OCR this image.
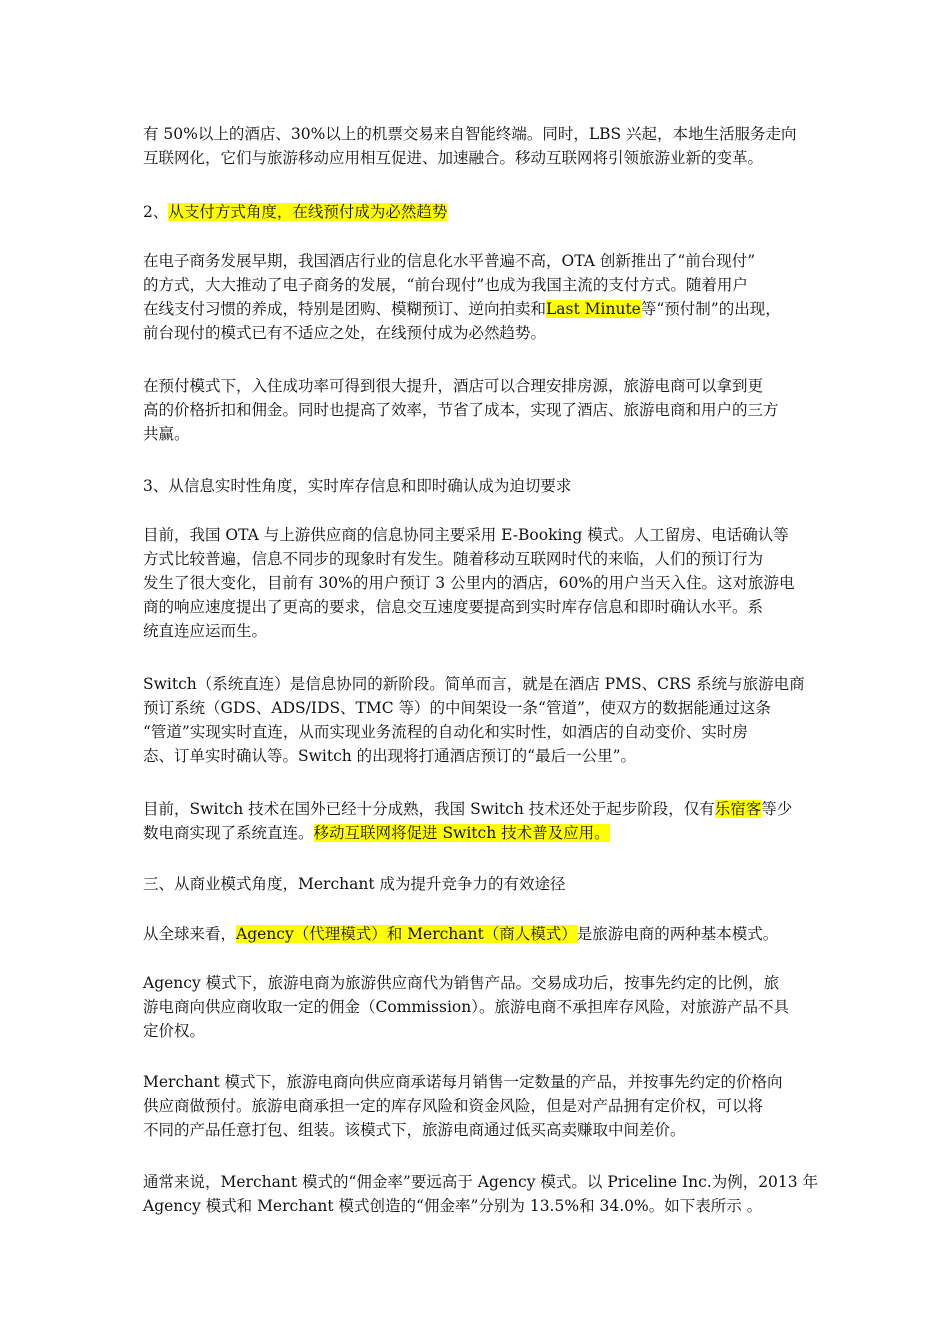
有 50%以上的酒店、30%以上的机票交易来自智能终端。同时，LBS 兴起，本地生活服务走向
互联网化，它们与旅游移动应用相互促进、加速融合。移动互联网将引领旅游业新的变革。

2、从支付方式角度，在线预付成为必然趋势

在电子商务发展早期，我国酒店行业的信息化水平普遍不高，OTA 创新推出了“前台现付”
的方式，大大推动了电子商务的发展，“前台现付”也成为我国主流的支付方式。随着用户
在线支付习惯的养成，特别是团购、模糊预订、逆向拍卖和Last Minute等“预付制”的出现，
前台现付的模式已有不适应之处，在线预付成为必然趋势。

在预付模式下，入住成功率可得到很大提升，酒店可以合理安排房源，旅游电商可以拿到更
高的价格折扣和佣金。同时也提高了效率，节省了成本，实现了酒店、旅游电商和用户的三方
共赢。

3、从信息实时性角度，实时库存信息和即时确认成为迫切要求

目前，我国 OTA 与上游供应商的信息协同主要采用 E-Booking 模式。人工留房、电话确认等
方式比较普遍，信息不同步的现象时有发生。随着移动互联网时代的来临，人们的预订行为
发生了很大变化，目前有 30%的用户预订 3 公里内的酒店，60%的用户当天入住。这对旅游电
商的响应速度提出了更高的要求，信息交互速度要提高到实时库存信息和即时确认水平。系
统直连应运而生。

Switch（系统直连）是信息协同的新阶段。简单而言，就是在酒店 PMS、CRS 系统与旅游电商
预订系统（GDS、ADS/IDS、TMC 等）的中间架设一条“管道”，使双方的数据能通过这条
“管道”实现实时直连，从而实现业务流程的自动化和实时性，如酒店的自动变价、实时房
态、订单实时确认等。Switch 的出现将打通酒店预订的“最后一公里”。

目前，Switch 技术在国外已经十分成熟，我国 Switch 技术还处于起步阶段，仅有乐宿客等少
数电商实现了系统直连。移动互联网将促进 Switch 技术普及应用。

三、从商业模式角度，Merchant 成为提升竞争力的有效途径

从全球来看，Agency（代理模式）和 Merchant（商人模式）是旅游电商的两种基本模式。

Agency 模式下，旅游电商为旅游供应商代为销售产品。交易成功后，按事先约定的比例，旅
游电商向供应商收取一定的佣金（Commission）。旅游电商不承担库存风险，对旅游产品不具
定价权。

Merchant 模式下，旅游电商向供应商承诺每月销售一定数量的产品，并按事先约定的价格向
供应商做预付。旅游电商承担一定的库存风险和资金风险，但是对产品拥有定价权，可以将
不同的产品任意打包、组装。该模式下，旅游电商通过低买高卖赚取中间差价。

通常来说，Merchant 模式的“佣金率”要远高于 Agency 模式。以 Priceline Inc.为例，2013 年
Agency 模式和 Merchant 模式创造的“佣金率”分别为 13.5%和 34.0%。如下表所示 。
